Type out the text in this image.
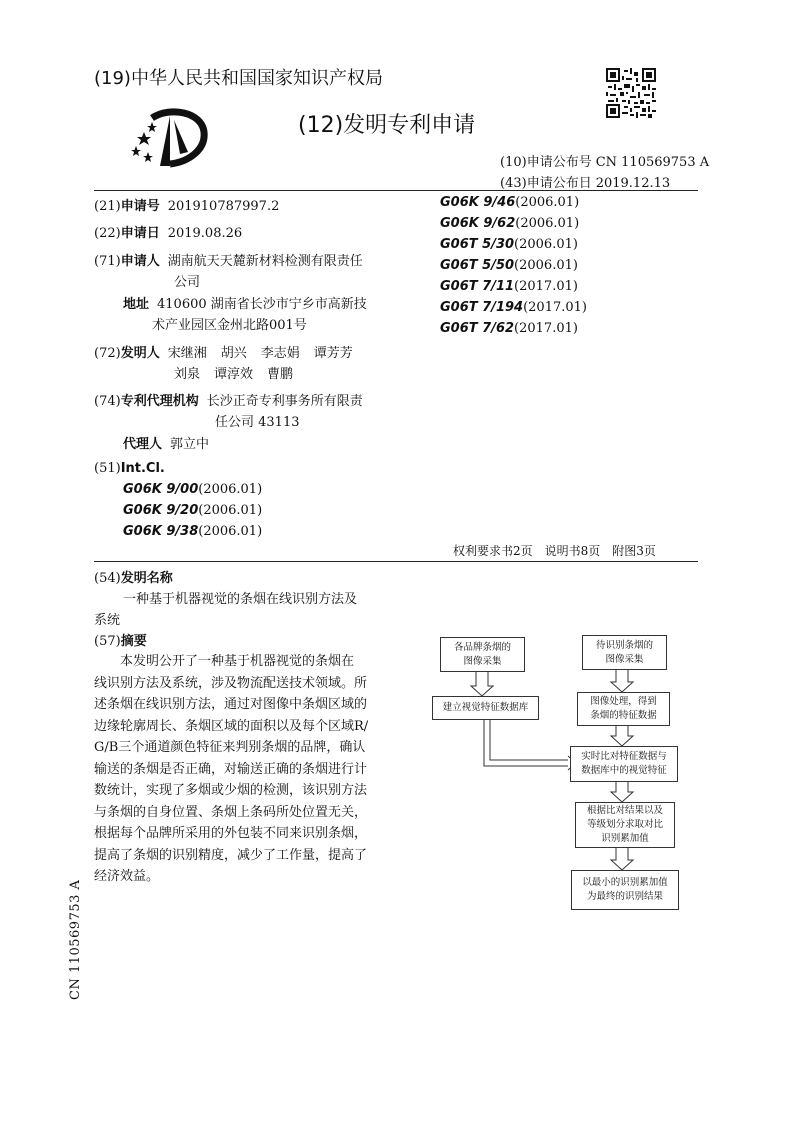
(19)中华人民共和国国家知识产权局
(12)发明专利申请
(10)申请公布号 CN 110569753 A
(43)申请公布日 2019.12.13
(21)申请号 201910787997.2
(22)申请日 2019.08.26
(71)申请人 湖南航天天麓新材料检测有限责任
公司
地址 410600 湖南省长沙市宁乡市高新技
术产业园区金州北路001号
(72)发明人 宋继湘 胡兴 李志娟 谭芳芳
刘泉 谭淳效 曹鹏
(74)专利代理机构 长沙正奇专利事务所有限责
任公司 43113
代理人 郭立中
(51)Int.Cl.
G06K 9/00(2006.01)
G06K 9/20(2006.01)
G06K 9/38(2006.01)
G06K 9/46(2006.01)
G06K 9/62(2006.01)
G06T 5/30(2006.01)
G06T 5/50(2006.01)
G06T 7/11(2017.01)
G06T 7/194(2017.01)
G06T 7/62(2017.01)
权利要求书2页　说明书8页　附图3页
(54)发明名称
一种基于机器视觉的条烟在线识别方法及
系统
(57)摘要
　　本发明公开了一种基于机器视觉的条烟在
线识别方法及系统，涉及物流配送技术领域。所
述条烟在线识别方法，通过对图像中条烟区域的
边缘轮廓周长、条烟区域的面积以及每个区域R/
G/B三个通道颜色特征来判别条烟的品牌，确认
输送的条烟是否正确，对输送正确的条烟进行计
数统计，实现了多烟或少烟的检测，该识别方法
与条烟的自身位置、条烟上条码所处位置无关，
根据每个品牌所采用的外包装不同来识别条烟，
提高了条烟的识别精度，减少了工作量，提高了
经济效益。
各品牌条烟的
图像采集
建立视觉特征数据库
待识别条烟的
图像采集
图像处理，得到
条烟的特征数据
实时比对特征数据与
数据库中的视觉特征
根据比对结果以及
等级划分求取对比
识别累加值
以最小的识别累加值
为最终的识别结果
CN 110569753 A
